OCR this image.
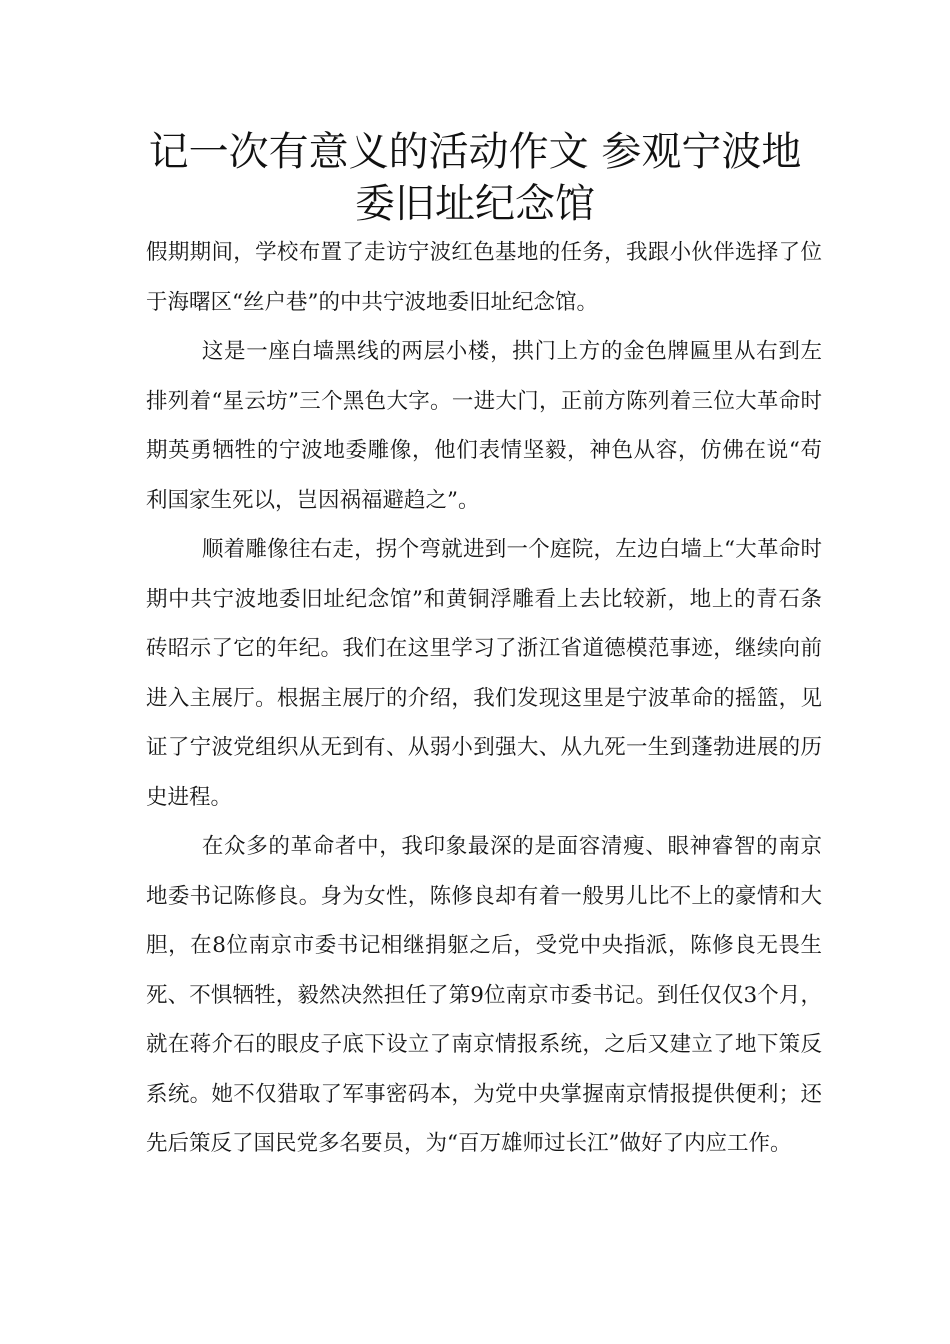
记一次有意义的活动作文 参观宁波地
委旧址纪念馆

假期期间，学校布置了走访宁波红色基地的任务，我跟小伙伴选择了位于海曙区“丝户巷”的中共宁波地委旧址纪念馆。

这是一座白墙黑线的两层小楼，拱门上方的金色牌匾里从右到左排列着“星云坊”三个黑色大字。一进大门，正前方陈列着三位大革命时期英勇牺牲的宁波地委雕像，他们表情坚毅，神色从容，仿佛在说“苟利国家生死以，岂因祸福避趋之”。

顺着雕像往右走，拐个弯就进到一个庭院，左边白墙上“大革命时期中共宁波地委旧址纪念馆”和黄铜浮雕看上去比较新，地上的青石条砖昭示了它的年纪。我们在这里学习了浙江省道德模范事迹，继续向前进入主展厅。根据主展厅的介绍，我们发现这里是宁波革命的摇篮，见证了宁波党组织从无到有、从弱小到强大、从九死一生到蓬勃进展的历史进程。

在众多的革命者中，我印象最深的是面容清瘦、眼神睿智的南京地委书记陈修良。身为女性，陈修良却有着一般男儿比不上的豪情和大胆，在8位南京市委书记相继捐躯之后，受党中央指派，陈修良无畏生死、不惧牺牲，毅然决然担任了第9位南京市委书记。到任仅仅3个月，就在蒋介石的眼皮子底下设立了南京情报系统，之后又建立了地下策反系统。她不仅猎取了军事密码本，为党中央掌握南京情报提供便利；还先后策反了国民党多名要员，为“百万雄师过长江”做好了内应工作。
